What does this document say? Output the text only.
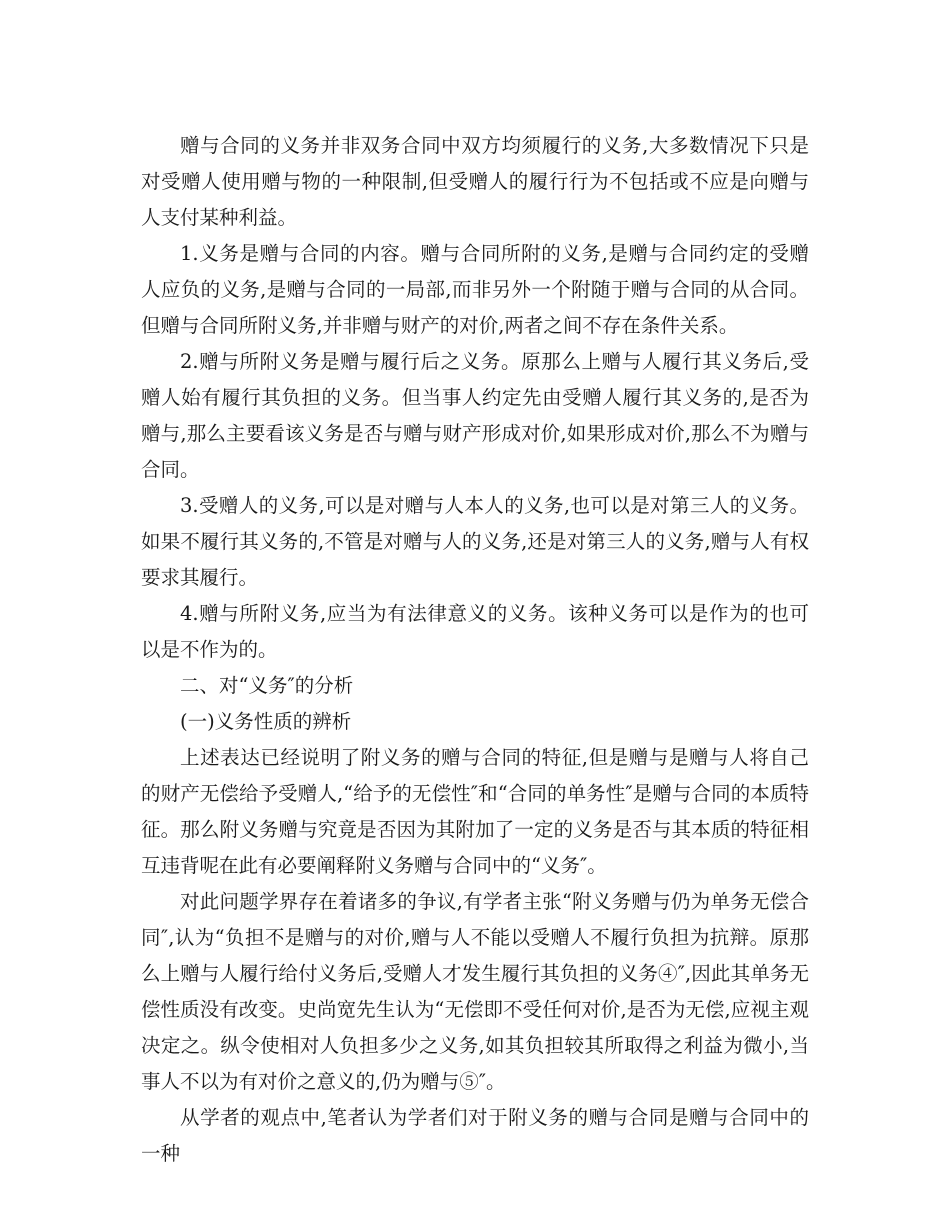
赠与合同的义务并非双务合同中双方均须履行的义务,大多数情况下只是对受赠人使用赠与物的一种限制,但受赠人的履行行为不包括或不应是向赠与人支付某种利益。

1.义务是赠与合同的内容。赠与合同所附的义务,是赠与合同约定的受赠人应负的义务,是赠与合同的一局部,而非另外一个附随于赠与合同的从合同。但赠与合同所附义务,并非赠与财产的对价,两者之间不存在条件关系。

2.赠与所附义务是赠与履行后之义务。原那么上赠与人履行其义务后,受赠人始有履行其负担的义务。但当事人约定先由受赠人履行其义务的,是否为赠与,那么主要看该义务是否与赠与财产形成对价,如果形成对价,那么不为赠与合同。

3.受赠人的义务,可以是对赠与人本人的义务,也可以是对第三人的义务。如果不履行其义务的,不管是对赠与人的义务,还是对第三人的义务,赠与人有权要求其履行。

4.赠与所附义务,应当为有法律意义的义务。该种义务可以是作为的也可以是不作为的。

二、对“义务″的分析

(一)义务性质的辨析

上述表达已经说明了附义务的赠与合同的特征,但是赠与是赠与人将自己的财产无偿给予受赠人,“给予的无偿性″和“合同的单务性″是赠与合同的本质特征。那么附义务赠与究竟是否因为其附加了一定的义务是否与其本质的特征相互违背呢在此有必要阐释附义务赠与合同中的“义务″。

对此问题学界存在着诸多的争议,有学者主张“附义务赠与仍为单务无偿合同″,认为“负担不是赠与的对价,赠与人不能以受赠人不履行负担为抗辩。原那么上赠与人履行给付义务后,受赠人才发生履行其负担的义务④″,因此其单务无偿性质没有改变。史尚宽先生认为“无偿即不受任何对价,是否为无偿,应视主观决定之。纵令使相对人负担多少之义务,如其负担较其所取得之利益为微小,当事人不以为有对价之意义的,仍为赠与⑤″。

从学者的观点中,笔者认为学者们对于附义务的赠与合同是赠与合同中的一种
